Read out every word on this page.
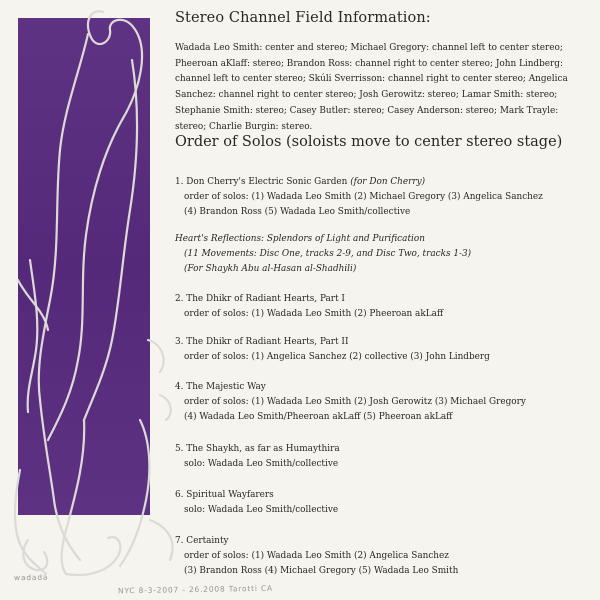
Stereo Channel Field Information:

Wadada Leo Smith: center and stereo; Michael Gregory: channel left to center stereo; Pheeroan aKlaff: stereo; Brandon Ross: channel right to center stereo; John Lindberg: channel left to center stereo; Skúli Sverrisson: channel right to center stereo; Angelica Sanchez: channel right to center stereo; Josh Gerowitz: stereo; Lamar Smith: stereo; Stephanie Smith: stereo; Casey Butler: stereo; Casey Anderson: stereo; Mark Trayle: stereo; Charlie Burgin: stereo.

Order of Solos (soloists move to center stereo stage)
1. Don Cherry's Electric Sonic Garden (for Don Cherry)
order of solos: (1) Wadada Leo Smith (2) Michael Gregory (3) Angelica Sanchez
(4) Brandon Ross (5) Wadada Leo Smith/collective
Heart's Reflections: Splendors of Light and Purification
(11 Movements: Disc One, tracks 2-9, and Disc Two, tracks 1-3)
(For Shaykh Abu al-Hasan al-Shadhili)
2. The Dhikr of Radiant Hearts, Part I
order of solos: (1) Wadada Leo Smith (2) Pheeroan akLaff
3. The Dhikr of Radiant Hearts, Part II
order of solos: (1) Angelica Sanchez (2) collective (3) John Lindberg
4. The Majestic Way
order of solos: (1) Wadada Leo Smith (2) Josh Gerowitz (3) Michael Gregory
(4) Wadada Leo Smith/Pheeroan akLaff (5) Pheeroan akLaff
5. The Shaykh, as far as Humaythira
solo: Wadada Leo Smith/collective
6. Spiritual Wayfarers
solo: Wadada Leo Smith/collective
7. Certainty
order of solos: (1) Wadada Leo Smith (2) Angelica Sanchez
(3) Brandon Ross (4) Michael Gregory (5) Wadada Leo Smith
wadada
NYC 8-3-2007 - 26.2008 Tarotti CA
